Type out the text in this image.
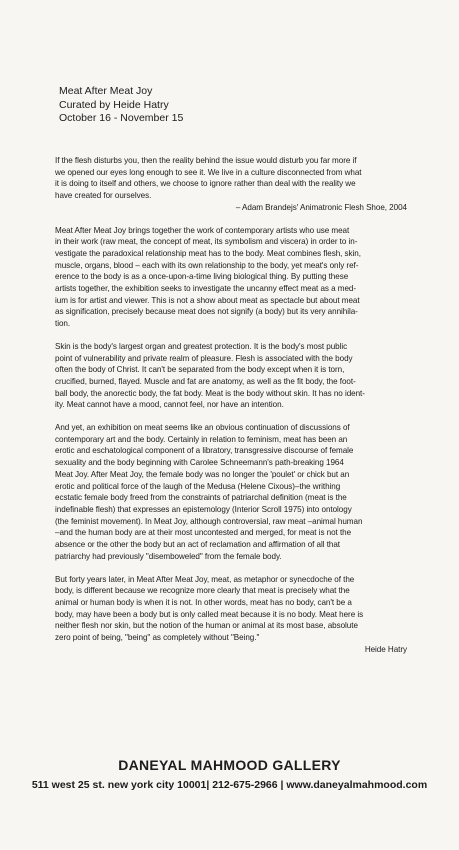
Meat After Meat Joy
Curated by Heide Hatry
October 16 - November 15
If the flesh disturbs you, then the reality behind the issue would disturb you far more if
we opened our eyes long enough to see it. We live in a culture disconnected from what
it is doing to itself and others, we choose to ignore rather than deal with the reality we
have created for ourselves.
– Adam Brandejs' Animatronic Flesh Shoe, 2004
Meat After Meat Joy brings together the work of contemporary artists who use meat
in their work (raw meat, the concept of meat, its symbolism and viscera) in order to in-
vestigate the paradoxical relationship meat has to the body. Meat combines flesh, skin,
muscle, organs, blood – each with its own relationship to the body, yet meat's only ref-
erence to the body is as a once-upon-a-time living biological thing. By putting these
artists together, the exhibition seeks to investigate the uncanny effect meat as a med-
ium is for artist and viewer. This is not a show about meat as spectacle but about meat
as signification, precisely because meat does not signify (a body) but its very annihila-
tion.
Skin is the body's largest organ and greatest protection. It is the body's most public
point of vulnerability and private realm of pleasure. Flesh is associated with the body
often the body of Christ. It can't be separated from the body except when it is torn,
crucified, burned, flayed. Muscle and fat are anatomy, as well as the fit body, the foot-
ball body, the anorectic body, the fat body. Meat is the body without skin. It has no ident-
ity. Meat cannot have a mood, cannot feel, nor have an intention.
And yet, an exhibition on meat seems like an obvious continuation of discussions of
contemporary art and the body. Certainly in relation to feminism, meat has been an
erotic and eschatological component of a libratory, transgressive discourse of female
sexuality and the body beginning with Carolee Schneemann's path-breaking 1964
Meat Joy. After Meat Joy, the female body was no longer the 'poulet' or chick but an
erotic and political force of the laugh of the Medusa (Helene Cixous)–the writhing
ecstatic female body freed from the constraints of patriarchal definition (meat is the
indefinable flesh) that expresses an epistemology (Interior Scroll 1975) into ontology
(the feminist movement). In Meat Joy, although controversial, raw meat –animal human
–and the human body are at their most uncontested and merged, for meat is not the
absence or the other the body but an act of reclamation and affirmation of all that
patriarchy had previously "disemboweled" from the female body.
But forty years later, in Meat After Meat Joy, meat, as metaphor or synecdoche of the
body, is different because we recognize more clearly that meat is precisely what the
animal or human body is when it is not. In other words, meat has no body, can't be a
body, may have been a body but is only called meat because it is no body. Meat here is
neither flesh nor skin, but the notion of the human or animal at its most base, absolute
zero point of being, "being" as completely without "Being."
Heide Hatry
DANEYAL MAHMOOD GALLERY
511 west 25 st. new york city 10001| 212-675-2966 | www.daneyalmahmood.com
